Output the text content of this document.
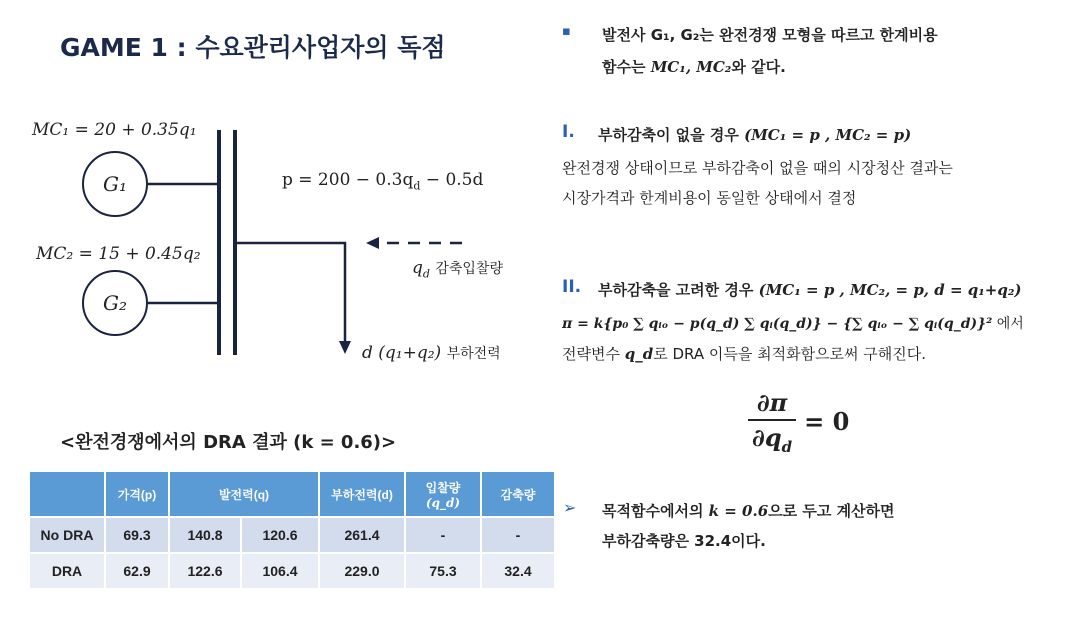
GAME 1 : 수요관리사업자의 독점
G₁
G₂
MC₁ = 20 + 0.35q₁
MC₂ = 15 + 0.45q₂
$p = 200 - 0.3q_d - 0.5d$
$q_d$ 감축입찰량
d (q₁+q₂) 부하전력
<완전경쟁에서의 DRA 결과 (k = 0.6)>
	가격(p)	발전력(q)		부하전력(d)	입찰량
(q_d)	감축량
No DRA	69.3	140.8	120.6	261.4	-	-
DRA	62.9	122.6	106.4	229.0	75.3	32.4
▪ 발전사 G₁, G₂는 완전경쟁 모형을 따르고 한계비용
함수는 MC₁, MC₂와 같다.
I. 부하감축이 없을 경우 (MC₁ = p , MC₂ = p)
완전경쟁 상태이므로 부하감축이 없을 때의 시장청산 결과는
시장가격과 한계비용이 동일한 상태에서 결정
II. 부하감축을 고려한 경우 (MC₁ = p , MC₂, = p, d = q₁+q₂)
π = k{p₀ ∑ qᵢₒ − p(q_d) ∑ qᵢ(q_d)} − {∑ qᵢₒ − ∑ qᵢ(q_d)}² 에서
전략변수 q_d로 DRA 이득을 최적화함으로써 구해진다.
$\frac{\partial\pi}{\partial q_d} = 0$
➢ 목적함수에서의 k = 0.6으로 두고 계산하면
부하감축량은 32.4이다.
